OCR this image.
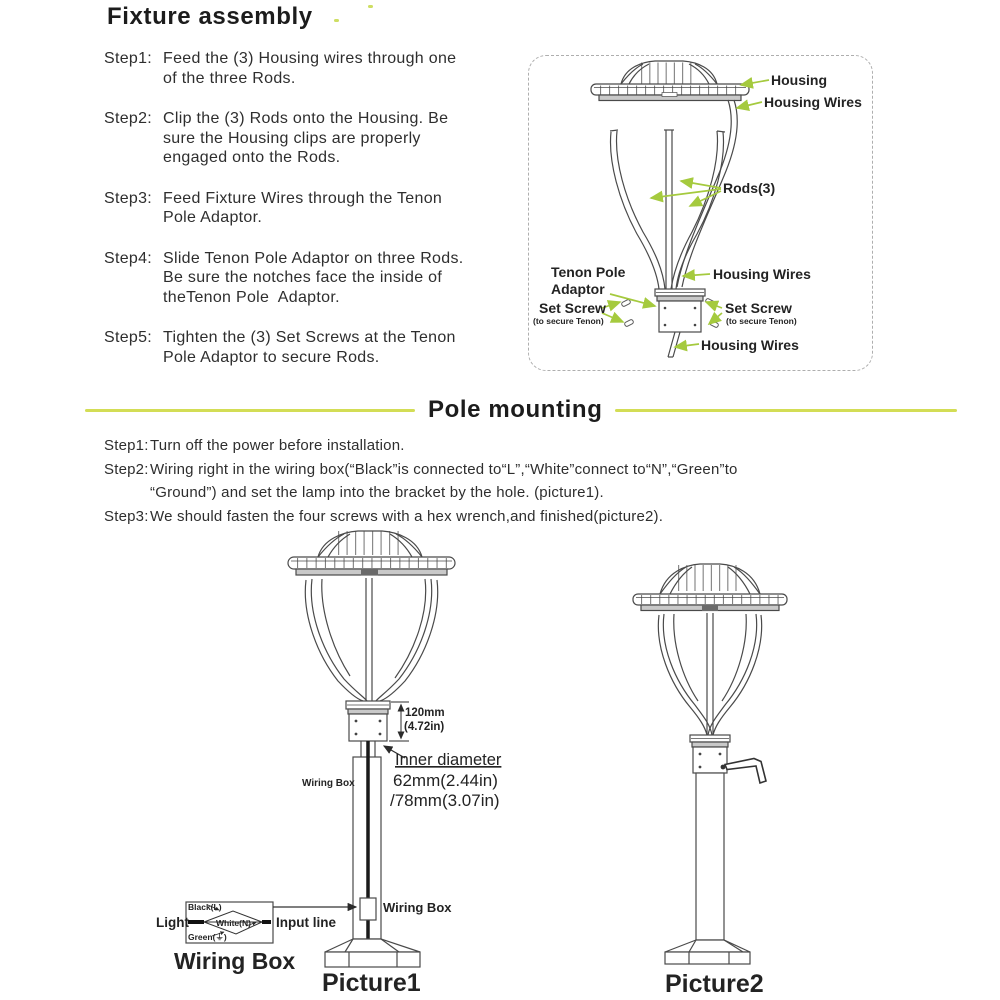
Fixture assembly
Step1: Feed the (3) Housing wires through one
of the three Rods.
Step2: Clip the (3) Rods onto the Housing. Be
sure the Housing clips are properly
engaged onto the Rods.
Step3: Feed Fixture Wires through the Tenon
Pole Adaptor.
Step4: Slide Tenon Pole Adaptor on three Rods.
Be sure the notches face the inside of
theTenon Pole  Adaptor.
Step5: Tighten the (3) Set Screws at the Tenon
Pole Adaptor to secure Rods.
Housing
Housing Wires
Rods(3)
Housing Wires
Tenon Pole
Adaptor
Set Screw
(to secure Tenon)
Set Screw
(to secure Tenon)
Housing Wires
Pole mounting
Step1: Turn off the power before installation.
Step2: Wiring right in the wiring box(“Black”is connected to“L”,“White”connect to“N”,“Green”to
“Ground”) and set the lamp into the bracket by the hole. (picture1).
Step3: We should fasten the four screws with a hex wrench,and finished(picture2).
120mm
(4.72in)
Inner diameter
62mm(2.44in)
/78mm(3.07in)
Wiring Box
Black(L)
White(N)
Green(⏚)
Light	Input line
Wiring Box
Wiring Box
Picture1	Picture2
